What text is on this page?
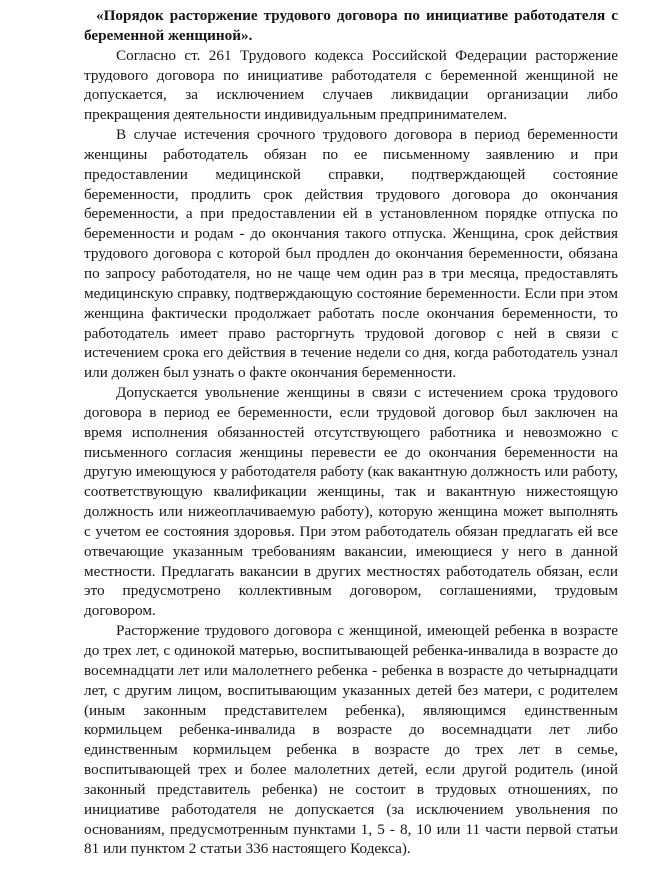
«Порядок расторжение трудового договора по инициативе работодателя с беременной женщиной».

Согласно ст. 261 Трудового кодекса Российской Федерации расторжение трудового договора по инициативе работодателя с беременной женщиной не допускается, за исключением случаев ликвидации организации либо прекращения деятельности индивидуальным предпринимателем.

В случае истечения срочного трудового договора в период беременности женщины работодатель обязан по ее письменному заявлению и при предоставлении медицинской справки, подтверждающей состояние беременности, продлить срок действия трудового договора до окончания беременности, а при предоставлении ей в установленном порядке отпуска по беременности и родам - до окончания такого отпуска. Женщина, срок действия трудового договора с которой был продлен до окончания беременности, обязана по запросу работодателя, но не чаще чем один раз в три месяца, предоставлять медицинскую справку, подтверждающую состояние беременности. Если при этом женщина фактически продолжает работать после окончания беременности, то работодатель имеет право расторгнуть трудовой договор с ней в связи с истечением срока его действия в течение недели со дня, когда работодатель узнал или должен был узнать о факте окончания беременности.

Допускается увольнение женщины в связи с истечением срока трудового договора в период ее беременности, если трудовой договор был заключен на время исполнения обязанностей отсутствующего работника и невозможно с письменного согласия женщины перевести ее до окончания беременности на другую имеющуюся у работодателя работу (как вакантную должность или работу, соответствующую квалификации женщины, так и вакантную нижестоящую должность или нижеоплачиваемую работу), которую женщина может выполнять с учетом ее состояния здоровья. При этом работодатель обязан предлагать ей все отвечающие указанным требованиям вакансии, имеющиеся у него в данной местности. Предлагать вакансии в других местностях работодатель обязан, если это предусмотрено коллективным договором, соглашениями, трудовым договором.

Расторжение трудового договора с женщиной, имеющей ребенка в возрасте до трех лет, с одинокой матерью, воспитывающей ребенка-инвалида в возрасте до восемнадцати лет или малолетнего ребенка - ребенка в возрасте до четырнадцати лет, с другим лицом, воспитывающим указанных детей без матери, с родителем (иным законным представителем ребенка), являющимся единственным кормильцем ребенка-инвалида в возрасте до восемнадцати лет либо единственным кормильцем ребенка в возрасте до трех лет в семье, воспитывающей трех и более малолетних детей, если другой родитель (иной законный представитель ребенка) не состоит в трудовых отношениях, по инициативе работодателя не допускается (за исключением увольнения по основаниям, предусмотренным пунктами 1, 5 - 8, 10 или 11 части первой статьи 81 или пунктом 2 статьи 336 настоящего Кодекса).
